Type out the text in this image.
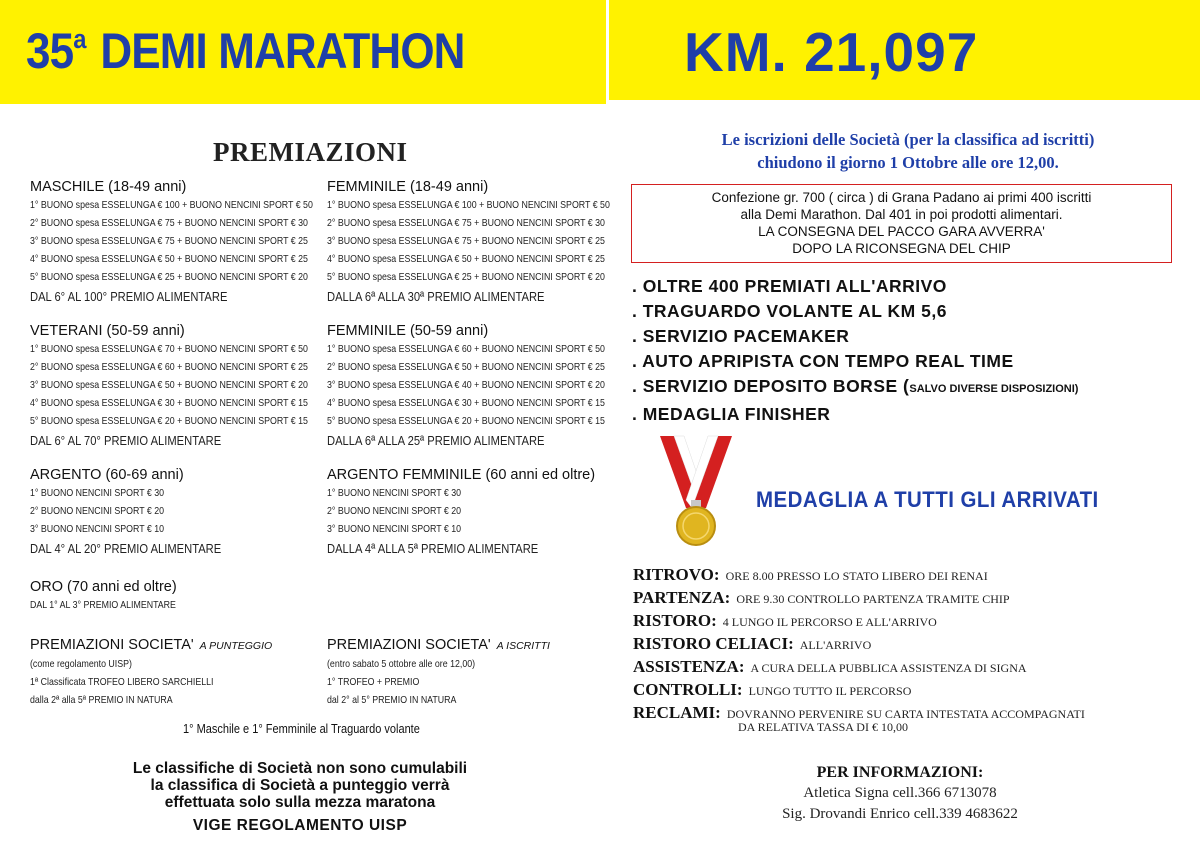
35$^a$ DEMI MARATHON	KM. 21,097
PREMIAZIONI
MASCHILE (18-49 anni)
1° BUONO spesa ESSELUNGA € 100 + BUONO NENCINI SPORT € 50
2° BUONO spesa ESSELUNGA € 75 + BUONO NENCINI SPORT € 30
3° BUONO spesa ESSELUNGA € 75 + BUONO NENCINI SPORT € 25
4° BUONO spesa ESSELUNGA € 50 + BUONO NENCINI SPORT € 25
5° BUONO spesa ESSELUNGA € 25 + BUONO NENCINI SPORT € 20
DAL 6° AL 100° PREMIO ALIMENTARE
FEMMINILE (18-49 anni)
1° BUONO spesa ESSELUNGA € 100 + BUONO NENCINI SPORT € 50
2° BUONO spesa ESSELUNGA € 75 + BUONO NENCINI SPORT € 30
3° BUONO spesa ESSELUNGA € 75 + BUONO NENCINI SPORT € 25
4° BUONO spesa ESSELUNGA € 50 + BUONO NENCINI SPORT € 25
5° BUONO spesa ESSELUNGA € 25 + BUONO NENCINI SPORT € 20
DALLA 6ª ALLA 30ª PREMIO ALIMENTARE
VETERANI (50-59 anni)
1° BUONO spesa ESSELUNGA € 70 + BUONO NENCINI SPORT € 50
2° BUONO spesa ESSELUNGA € 60 + BUONO NENCINI SPORT € 25
3° BUONO spesa ESSELUNGA € 50 + BUONO NENCINI SPORT € 20
4° BUONO spesa ESSELUNGA € 30 + BUONO NENCINI SPORT € 15
5° BUONO spesa ESSELUNGA € 20 + BUONO NENCINI SPORT € 15
DAL 6° AL 70° PREMIO ALIMENTARE
FEMMINILE (50-59 anni)
1° BUONO spesa ESSELUNGA € 60 + BUONO NENCINI SPORT € 50
2° BUONO spesa ESSELUNGA € 50 + BUONO NENCINI SPORT € 25
3° BUONO spesa ESSELUNGA € 40 + BUONO NENCINI SPORT € 20
4° BUONO spesa ESSELUNGA € 30 + BUONO NENCINI SPORT € 15
5° BUONO spesa ESSELUNGA € 20 + BUONO NENCINI SPORT € 15
DALLA 6ª ALLA 25ª PREMIO ALIMENTARE
ARGENTO (60-69 anni)
1° BUONO NENCINI SPORT € 30
2° BUONO NENCINI SPORT € 20
3° BUONO NENCINI SPORT € 10
DAL 4° AL 20° PREMIO ALIMENTARE
ARGENTO FEMMINILE (60 anni ed oltre)
1° BUONO NENCINI SPORT € 30
2° BUONO NENCINI SPORT € 20
3° BUONO NENCINI SPORT € 10
DALLA 4ª ALLA 5ª PREMIO ALIMENTARE
ORO (70 anni ed oltre)
DAL 1° AL 3° PREMIO ALIMENTARE
PREMIAZIONI SOCIETA' A PUNTEGGIO
(come regolamento UISP)
1ª Classificata TROFEO LIBERO SARCHIELLI
dalla 2ª alla 5ª PREMIO IN NATURA
PREMIAZIONI SOCIETA' A ISCRITTI
(entro sabato 5 ottobre alle ore 12,00)
1° TROFEO + PREMIO
dal 2° al 5° PREMIO IN NATURA
1° Maschile e 1° Femminile al Traguardo volante
Le classifiche di Società non sono cumulabili
la classifica di Società a punteggio verrà
effettuata solo sulla mezza maratona
VIGE REGOLAMENTO UISP
Le iscrizioni delle Società (per la classifica ad iscritti)
chiudono il giorno 1 Ottobre alle ore 12,00.
Confezione gr. 700 ( circa ) di Grana Padano ai primi 400 iscritti
alla Demi Marathon. Dal 401 in poi prodotti alimentari.
LA CONSEGNA DEL PACCO GARA AVVERRA'
DOPO LA RICONSEGNA DEL CHIP
. OLTRE 400 PREMIATI ALL'ARRIVO
. TRAGUARDO VOLANTE AL KM 5,6
. SERVIZIO PACEMAKER
. AUTO APRIPISTA CON TEMPO REAL TIME
. SERVIZIO DEPOSITO BORSE (SALVO DIVERSE DISPOSIZIONI)
. MEDAGLIA FINISHER
MEDAGLIA A TUTTI GLI ARRIVATI
RITROVO: ORE 8.00 PRESSO LO STATO LIBERO DEI RENAI
PARTENZA: ORE 9.30 CONTROLLO PARTENZA TRAMITE CHIP
RISTORO: 4 LUNGO IL PERCORSO E ALL'ARRIVO
RISTORO CELIACI: ALL'ARRIVO
ASSISTENZA: A CURA DELLA PUBBLICA ASSISTENZA DI SIGNA
CONTROLLI: LUNGO TUTTO IL PERCORSO
RECLAMI: DOVRANNO PERVENIRE SU CARTA INTESTATA ACCOMPAGNATI
DA RELATIVA TASSA DI € 10,00
PER INFORMAZIONI:
Atletica Signa cell.366 6713078
Sig. Drovandi Enrico cell.339 4683622
